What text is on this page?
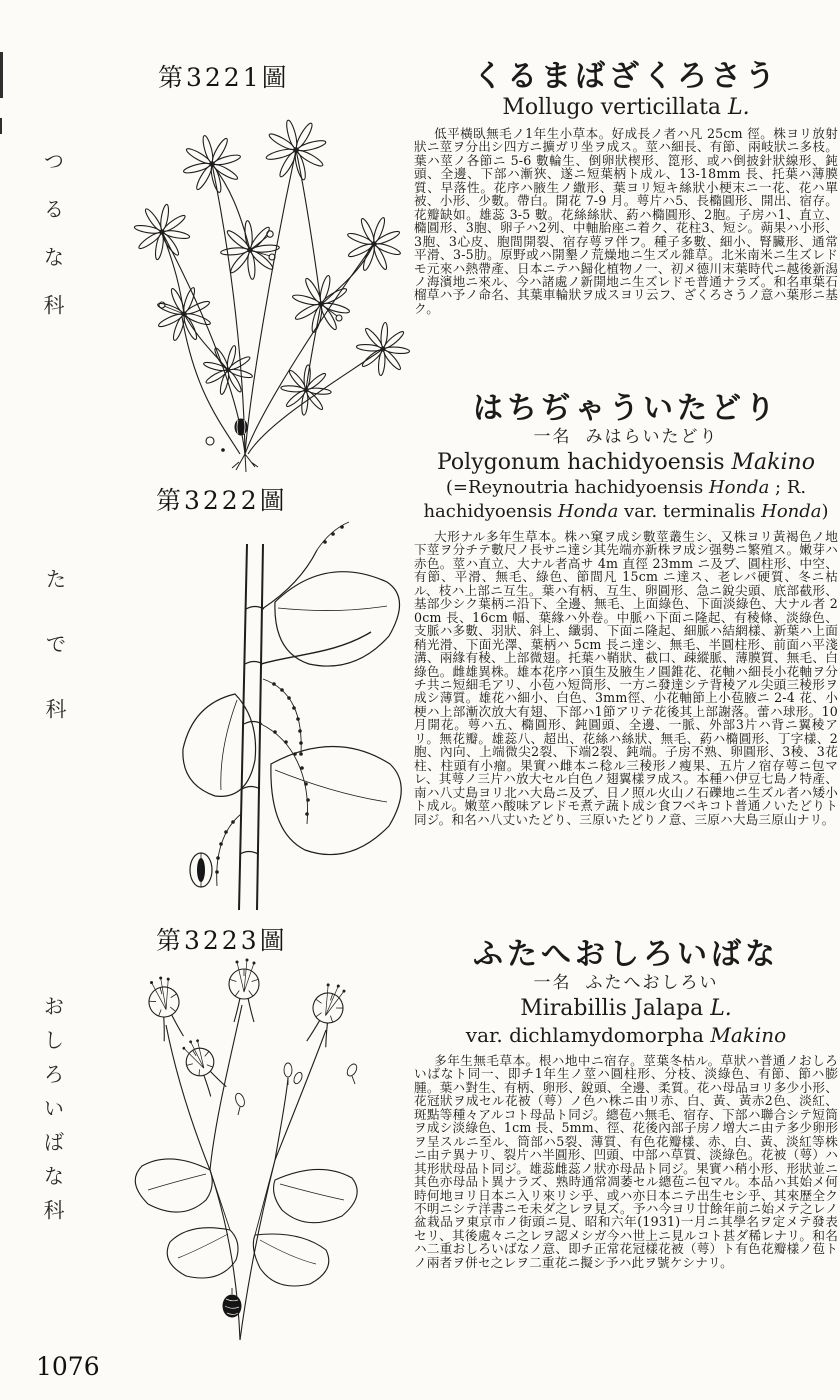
つるな科
たで科
おしろいばな科
第3221圖
第3222圖
第3223圖
1076
くるまばざくろさう
Mollugo verticillata L.

低平橫臥無毛ノ1年生小草本。好成長ノ者ハ凡 25cm 徑。株ヨリ放射狀ニ莖ヲ分出シ四方ニ擴ガリ坐ヲ成ス。莖ハ細長、有節、兩岐狀ニ多枝。葉ハ莖ノ各節ニ 5-6 數輪生、倒卵狀楔形、箆形、或ハ倒披針狀線形、鈍頭、全邊、下部ハ漸狹、遂ニ短葉柄ト成ル、13-18mm 長、托葉ハ薄膜質、早落性。花序ハ腋生ノ繖形、葉ヨリ短キ絲狀小梗末ニ一花、花ハ單被、小形、少數。帶白。開花 7-9 月。萼片ハ5、長橢圓形、開出、宿存。花瓣缺如。雄蕊 3-5 數。花絲絲狀、葯ハ橢圓形、2胞。子房ハ1、直立、橢圓形、3胞、卵子ハ2列、中軸胎座ニ着ク、花柱3、短シ。蒴果ハ小形、3胞、3心皮、胞間開裂、宿存萼ヲ伴フ。種子多數、細小、腎臟形、通常平滑、3-5肋。原野或ハ開墾ノ荒燥地ニ生ズル雜草。北米南米ニ生ズレドモ元來ハ熱帶產、日本ニテハ歸化植物ノ一、初メ德川末葉時代ニ越後新潟ノ海濱地ニ來ル、今ハ諸處ノ新開地ニ生ズレドモ普通ナラズ。和名車葉石榴草ハ予ノ命名、其葉車輪狀ヲ成スヨリ云フ、ざくろさうノ意ハ葉形ニ基ク。

はちぢゃういたどり
一名 みはらいたどり
Polygonum hachidyoensis Makino
(=Reynoutria hachidyoensis Honda ; R.
hachidyoensis Honda var. terminalis Honda)

大形ナル多年生草本。株ハ窠ヲ成シ數莖叢生シ、又株ヨリ黃褐色ノ地下莖ヲ分チテ數尺ノ長サニ達シ其先端亦新株ヲ成シ强勢ニ繁殖ス。嫩芽ハ赤色。莖ハ直立、大ナル者高サ 4m 直徑 23mm ニ及ブ、圓柱形、中空、有節、平滑、無毛、綠色、節間凡 15cm ニ達ス、老レバ硬質、冬ニ枯ル、枝ハ上部ニ互生。葉ハ有柄、互生、卵圓形、急ニ銳尖頭、底部截形、基部少シク葉柄ニ沿下、全邊、無毛、上面綠色、下面淡綠色、大ナル者 20cm 長、16cm 幅、葉緣ハ外卷。中脈ハ下面ニ隆起、有稜條、淡綠色、支脈ハ多數、羽狀、斜上、纖弱、下面ニ隆起、細脈ハ結網樣、新葉ハ上面稍光滑、下面光澤、葉柄ハ 5cm 長ニ達シ、無毛、半圓柱形、前面ハ平淺溝、兩緣有稜、上部微翅。托葉ハ鞘狀、截口、疎縱脈、薄膜質、無毛、白綠色。雌雄異株。雄本花序ハ頂生及腋生ノ圓錐花、花軸ハ細長小花軸ヲ分チ共ニ短細毛アリ、小苞ハ短筒形、一方ニ發達シテ背稜アル尖頭三稜形ヲ成シ薄質。雄花ハ細小、白色、3mm徑、小花軸節上小苞腋ニ 2-4 花、小梗ハ上部漸次放大有翅、下部ハ1節アリテ花後其上部謝落。蕾ハ球形。10月開花。萼ハ五、橢圓形、鈍圓頭、全邊、一脈、外部3片ハ背ニ翼稜アリ。無花瓣。雄蕊八、超出、花絲ハ絲狀、無毛、葯ハ橢圓形、丁字樣、2胞、內向、上端微尖2裂、下端2裂、鈍端。子房不熟、卵圓形、3稜、3花柱、柱頭有小瘤。果實ハ雌本ニ稔ル三稜形ノ瘦果、五片ノ宿存萼ニ包マレ、其萼ノ三片ハ放大セル白色ノ翅翼樣ヲ成ス。本種ハ伊豆七島ノ特產、南ハ八丈島ヨリ北ハ大島ニ及ブ、日ノ照ル火山ノ石礫地ニ生ズル者ハ矮小ト成ル。嫩莖ハ酸味アレドモ煮テ蔬ト成シ食フベキコト普通ノいたどりト同ジ。和名ハ八丈いたどり、三原いたどりノ意、三原ハ大島三原山ナリ。

ふたへおしろいばな
一名 ふたへおしろい
Mirabillis Jalapa L.
var. dichlamydomorpha Makino

多年生無毛草本。根ハ地中ニ宿存。莖葉冬枯ル。草狀ハ普通ノおしろいばなト同一、即チ1年生ノ莖ハ圓柱形、分枝、淡綠色、有節、節ハ膨腫。葉ハ對生、有柄、卵形、銳頭、全邊、柔質。花ハ母品ヨリ多少小形、花冠狀ヲ成セル花被（萼）ノ色ハ株ニ由リ赤、白、黃、黃赤2色、淡紅、斑點等種々アルコト母品ト同ジ。總苞ハ無毛、宿存、下部ハ聯合シテ短筒ヲ成シ淡綠色、1cm 長、5mm、徑、花後內部子房ノ增大ニ由テ多少卵形ヲ呈スルニ至ル、筒部ハ5裂、薄質、有色花瓣樣、赤、白、黃、淡紅等株ニ由テ異ナリ、裂片ハ半圓形、凹頭、中部ハ草質、淡綠色。花被（萼）ハ其形狀母品ト同ジ。雄蕊雌蕊ノ狀亦母品ト同ジ。果實ハ稍小形、形狀並ニ其色亦母品ト異ナラズ、熟時通常凋萎セル總苞ニ包マル。本品ハ其始メ何時何地ヨリ日本ニ入リ來リシ乎、或ハ亦日本ニテ出生セシ乎、其來歷全ク不明ニシテ洋書ニモ未ダ之レヲ見ズ。予ハ今ヨリ廿餘年前ニ始メテ之レノ盆栽品ヲ東京市ノ街頭ニ見、昭和六年(1931)一月ニ其學名ヲ定メテ發表セリ、其後處々ニ之レヲ認メシガ今ハ世上ニ見ルコト甚ダ稀レナリ。和名ハ二重おしろいばなノ意、即チ正常花冠樣花被（萼）ト有色花瓣樣ノ苞トノ兩者ヲ併セ之レヲ二重花ニ擬シ予ハ此ヲ號ケシナリ。
